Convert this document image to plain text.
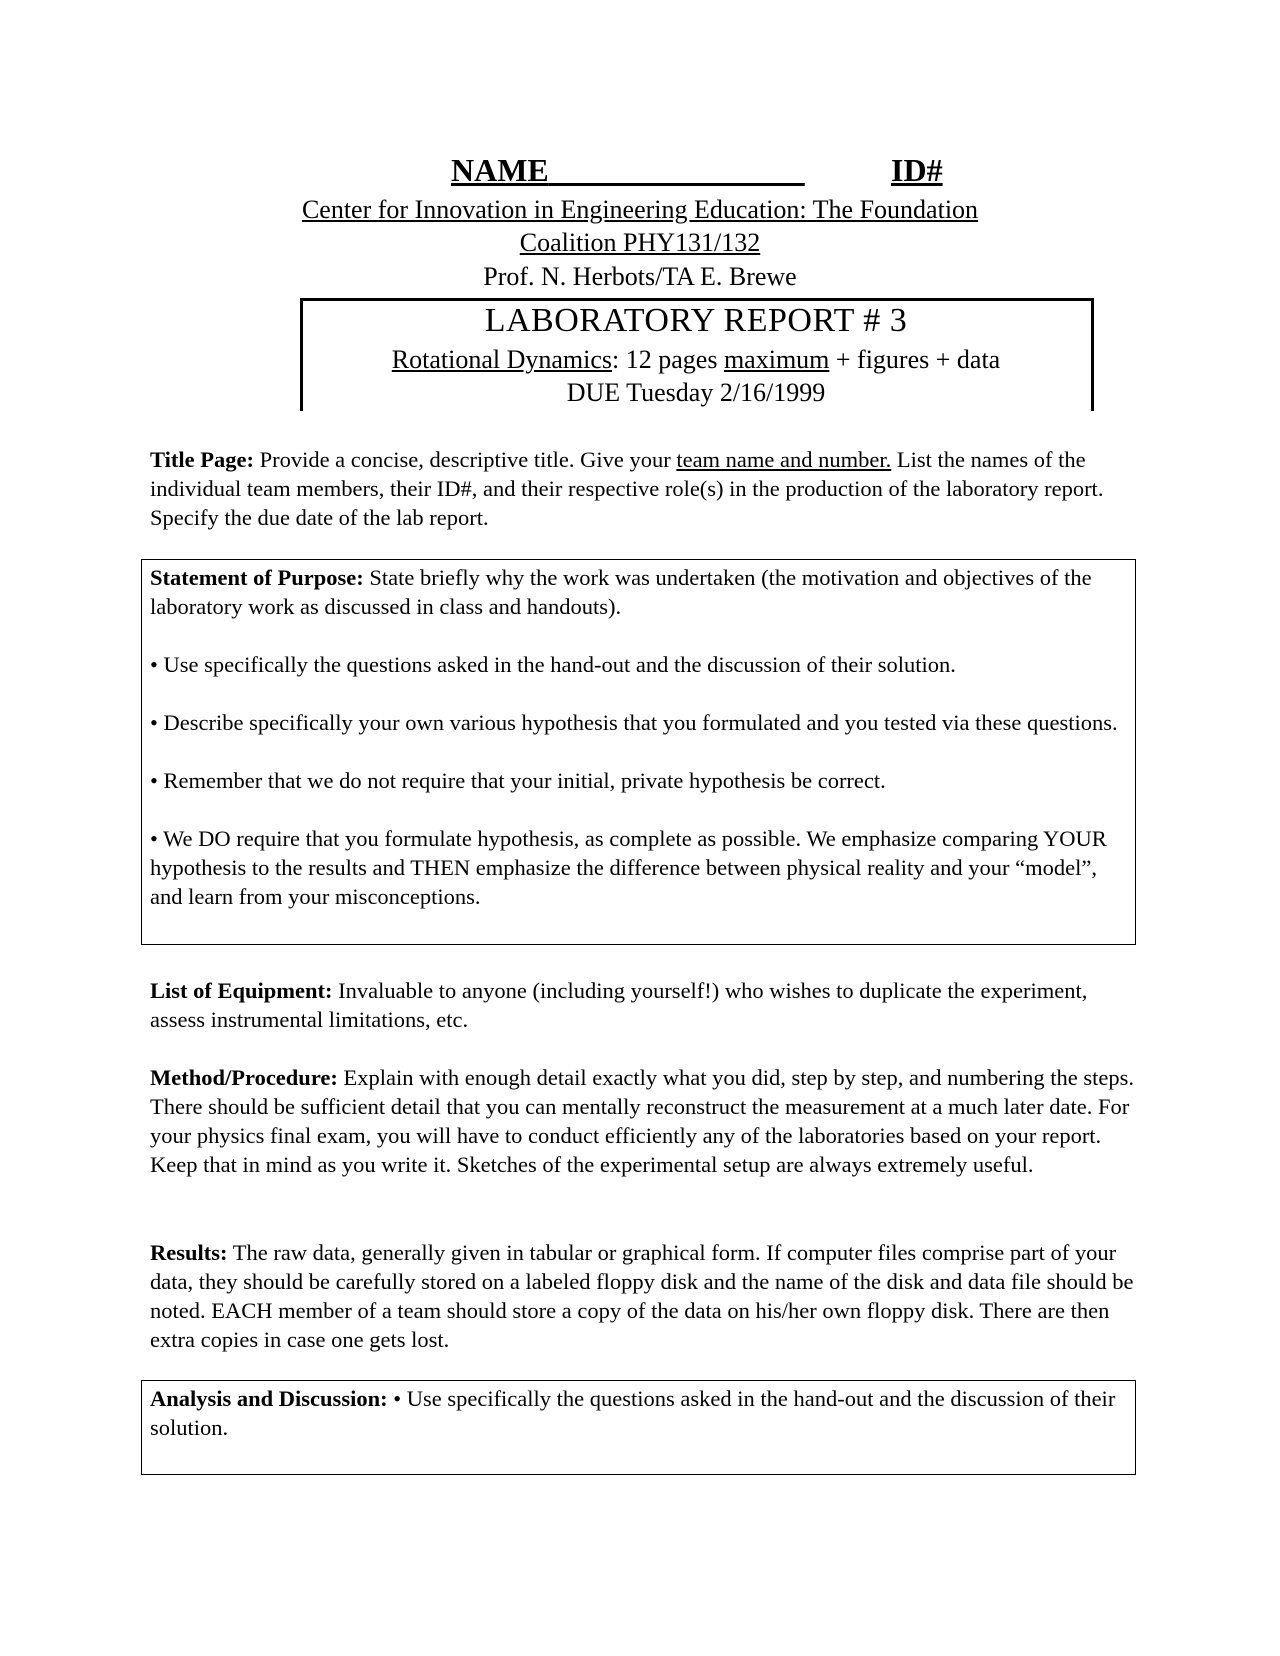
NAME	ID#
Center for Innovation in Engineering Education: The Foundation
Coalition PHY131/132
Prof. N. Herbots/TA E. Brewe
LABORATORY REPORT # 3
Rotational Dynamics: 12 pages maximum + figures + data
DUE Tuesday 2/16/1999
Title Page: Provide a concise, descriptive title. Give your team name and number. List the names of the individual team members, their ID#, and their respective role(s) in the production of the laboratory report. Specify the due date of the lab report.

Statement of Purpose: State briefly why the work was undertaken (the motivation and objectives of the laboratory work as discussed in class and handouts).

• Use specifically the questions asked in the hand-out and the discussion of their solution.

• Describe specifically your own various hypothesis that you formulated and you tested via these questions.

• Remember that we do not require that your initial, private hypothesis be correct.

• We DO require that you formulate hypothesis, as complete as possible. We emphasize comparing YOUR hypothesis to the results and THEN emphasize the difference between physical reality and your “model”, and learn from your misconceptions.

List of Equipment: Invaluable to anyone (including yourself!) who wishes to duplicate the experiment, assess instrumental limitations, etc.
Method/Procedure: Explain with enough detail exactly what you did, step by step, and numbering the steps. There should be sufficient detail that you can mentally reconstruct the measurement at a much later date. For your physics final exam, you will have to conduct efficiently any of the laboratories based on your report. Keep that in mind as you write it. Sketches of the experimental setup are always extremely useful.
Results: The raw data, generally given in tabular or graphical form. If computer files comprise part of your data, they should be carefully stored on a labeled floppy disk and the name of the disk and data file should be noted. EACH member of a team should store a copy of the data on his/her own floppy disk. There are then extra copies in case one gets lost.

Analysis and Discussion: • Use specifically the questions asked in the hand-out and the discussion of their solution.
